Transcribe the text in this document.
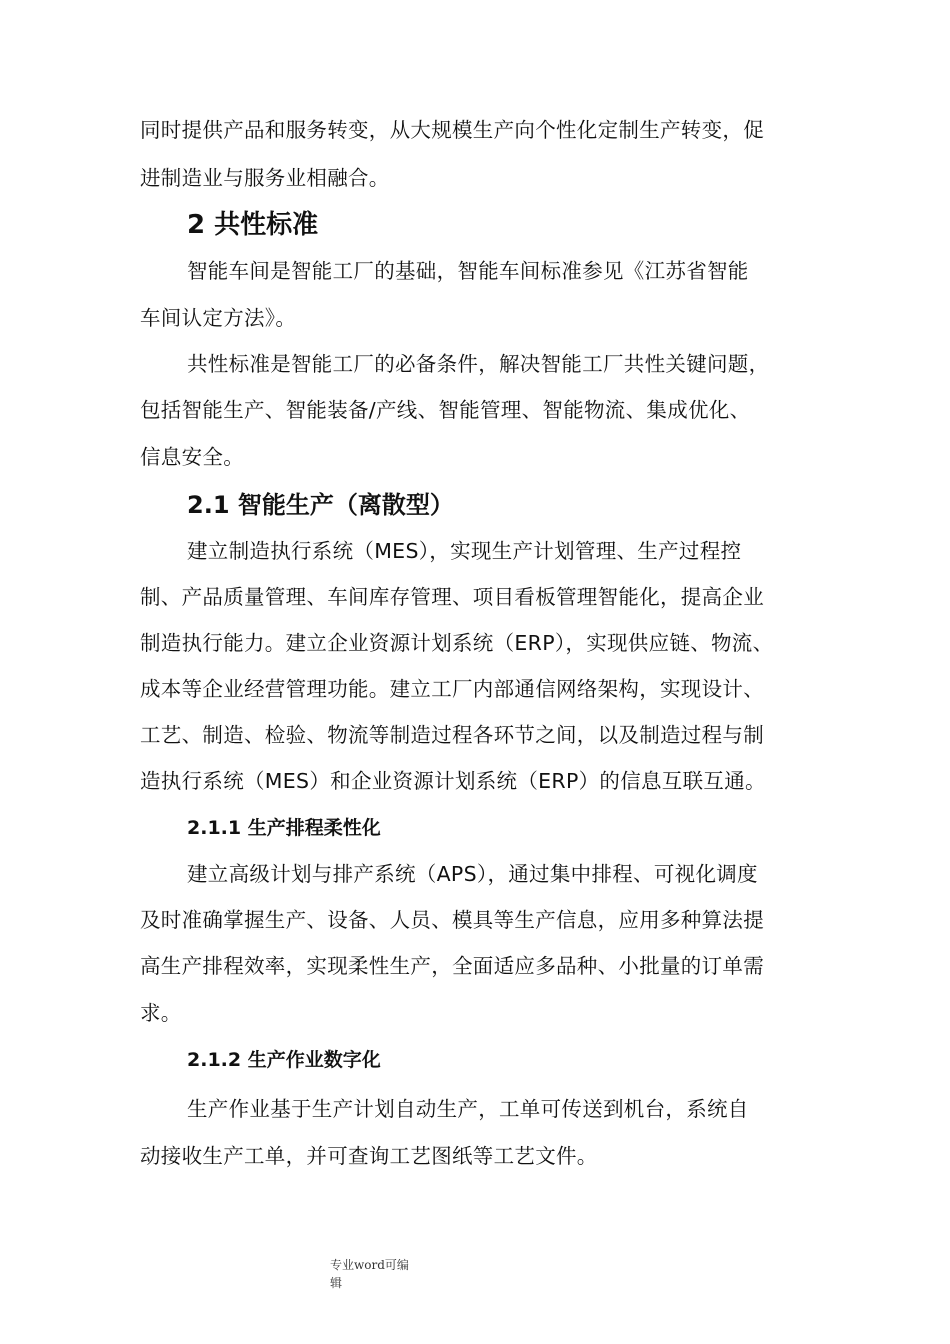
同时提供产品和服务转变，从大规模生产向个性化定制生产转变，促
进制造业与服务业相融合。
2 共性标准
智能车间是智能工厂的基础，智能车间标准参见《江苏省智能
车间认定方法》。
共性标准是智能工厂的必备条件，解决智能工厂共性关键问题，
包括智能生产、智能装备/产线、智能管理、智能物流、集成优化、
信息安全。
2.1 智能生产（离散型）
建立制造执行系统（MES），实现生产计划管理、生产过程控
制、产品质量管理、车间库存管理、项目看板管理智能化，提高企业
制造执行能力。建立企业资源计划系统（ERP），实现供应链、物流、
成本等企业经营管理功能。建立工厂内部通信网络架构，实现设计、
工艺、制造、检验、物流等制造过程各环节之间，以及制造过程与制
造执行系统（MES）和企业资源计划系统（ERP）的信息互联互通。
2.1.1 生产排程柔性化
建立高级计划与排产系统（APS），通过集中排程、可视化调度
及时准确掌握生产、设备、人员、模具等生产信息，应用多种算法提
高生产排程效率，实现柔性生产，全面适应多品种、小批量的订单需
求。
2.1.2 生产作业数字化
生产作业基于生产计划自动生产，工单可传送到机台，系统自
动接收生产工单，并可查询工艺图纸等工艺文件。
专业word可编
辑
